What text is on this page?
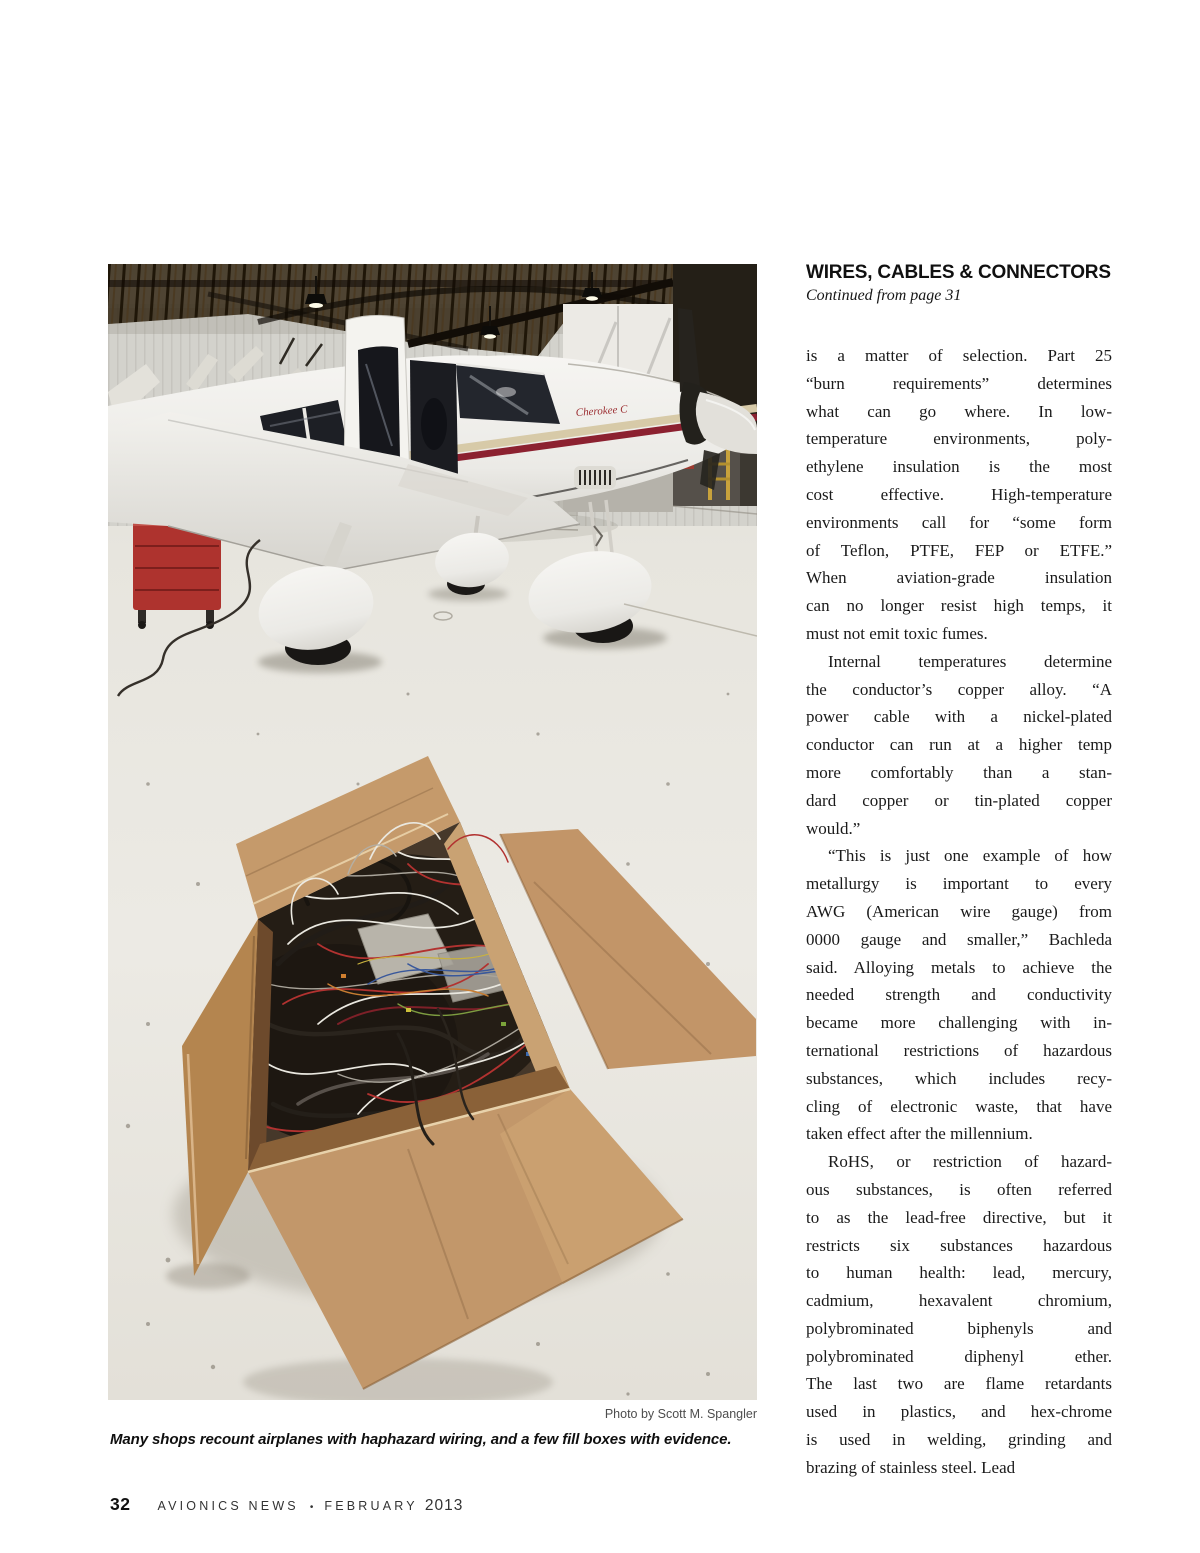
Cherokee C
Photo by Scott M. Spangler
Many shops recount airplanes with haphazard wiring, and a few fill boxes with evidence.
WIRES, CABLES & CONNECTORS
Continued from page 31
is a matter of selection. Part 25
“burn requirements” determines
what can go where. In low-
temperature environments, poly-
ethylene insulation is the most
cost effective. High-temperature
environments call for “some form
of Teflon, PTFE, FEP or ETFE.”
When aviation-grade insulation
can no longer resist high temps, it
must not emit toxic fumes.
Internal temperatures determine
the conductor’s copper alloy. “A
power cable with a nickel-plated
conductor can run at a higher temp
more comfortably than a stan-
dard copper or tin-plated copper
would.”
“This is just one example of how
metallurgy is important to every
AWG (American wire gauge) from
0000 gauge and smaller,” Bachleda
said. Alloying metals to achieve the
needed strength and conductivity
became more challenging with in-
ternational restrictions of hazardous
substances, which includes recy-
cling of electronic waste, that have
taken effect after the millennium.
RoHS, or restriction of hazard-
ous substances, is often referred
to as the lead-free directive, but it
restricts six substances hazardous
to human health: lead, mercury,
cadmium, hexavalent chromium,
polybrominated biphenyls and
polybrominated diphenyl ether.
The last two are flame retardants
used in plastics, and hex-chrome
is used in welding, grinding and
brazing of stainless steel. Lead
32 AVIONICS NEWS • FEBRUARY 2013
